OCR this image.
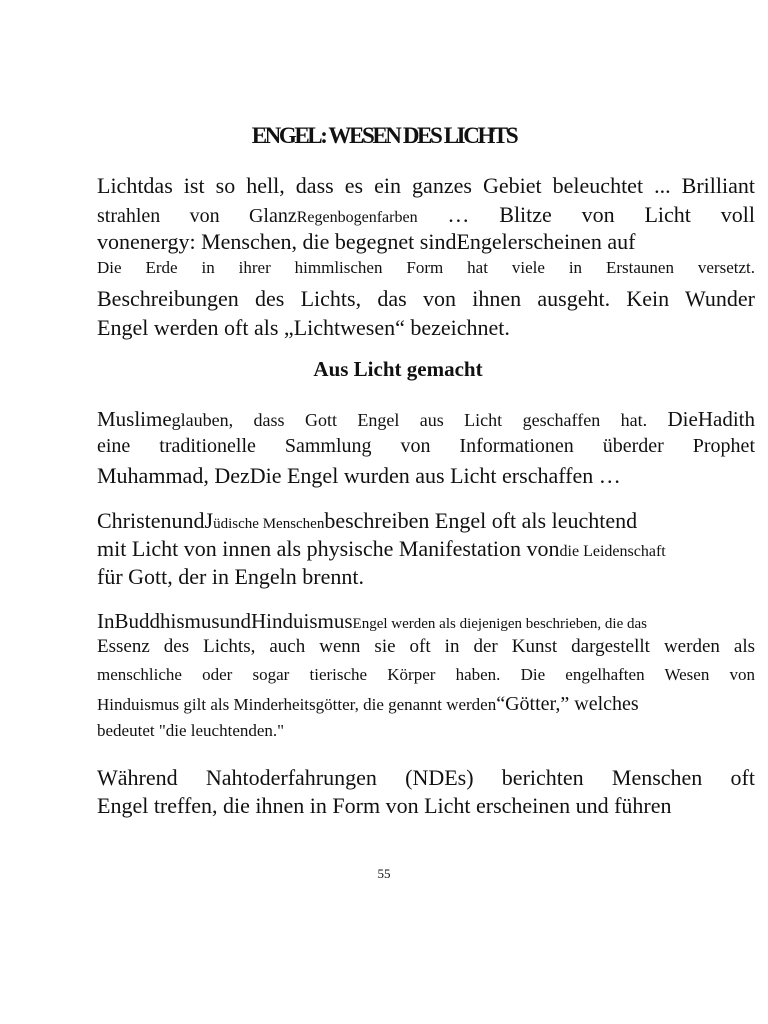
ENGEL: WESEN DES LICHTS

Lichtdas ist so hell, dass es ein ganzes Gebiet beleuchtet ... Brilliant

strahlen von GlanzRegenbogenfarben … Blitze von Licht voll

vonenergy: Menschen, die begegnet sindEngelerscheinen auf

Die Erde in ihrer himmlischen Form hat viele in Erstaunen versetzt.

Beschreibungen des Lichts, das von ihnen ausgeht. Kein Wunder

Engel werden oft als „Lichtwesen“ bezeichnet.

Aus Licht gemacht

Muslimeglauben, dass Gott Engel aus Licht geschaffen hat. DieHadith

eine traditionelle Sammlung von Informationen überder Prophet

Muhammad, DezDie Engel wurden aus Licht erschaffen …

ChristenundJüdische Menschenbeschreiben Engel oft als leuchtend

mit Licht von innen als physische Manifestation vondie Leidenschaft

für Gott, der in Engeln brennt.

InBuddhismusundHinduismusEngel werden als diejenigen beschrieben, die das

Essenz des Lichts, auch wenn sie oft in der Kunst dargestellt werden als

menschliche oder sogar tierische Körper haben. Die engelhaften Wesen von

Hinduismus gilt als Minderheitsgötter, die genannt werden“Götter,” welches

bedeutet "die leuchtenden."

Während Nahtoderfahrungen (NDEs) berichten Menschen oft

Engel treffen, die ihnen in Form von Licht erscheinen und führen

55
